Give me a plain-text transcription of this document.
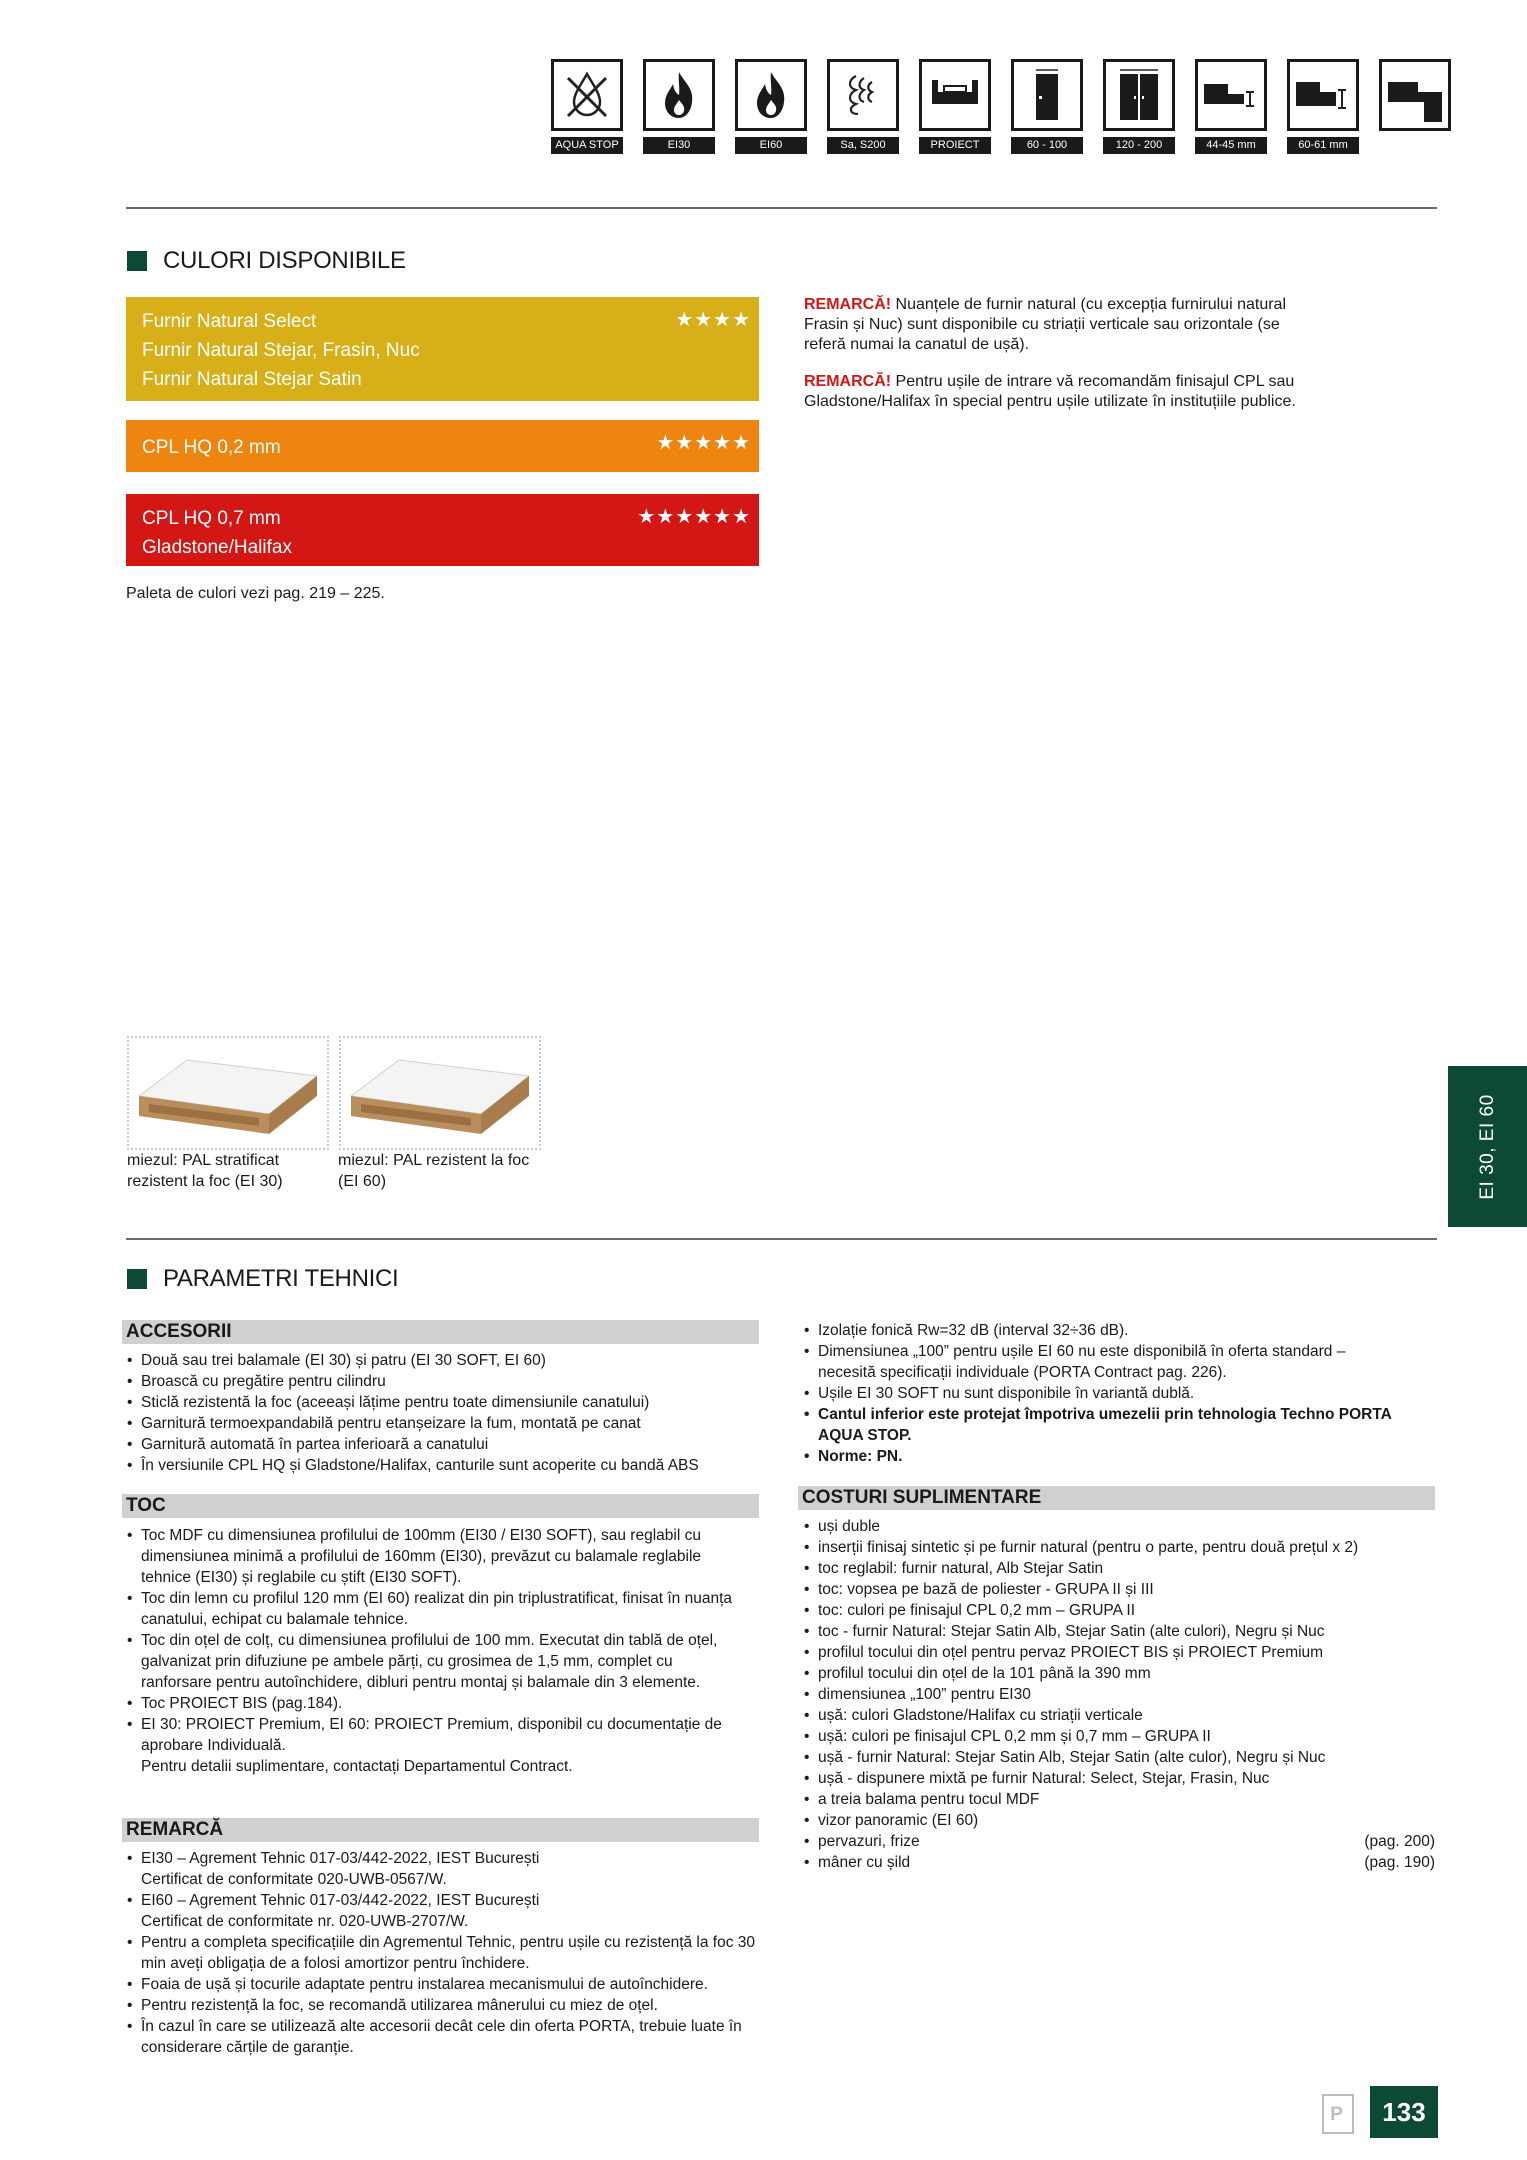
AQUA STOP	EI30	EI60	Sa, S200	PROIECT	60 - 100	120 - 200	44-45 mm	60-61 mm
CULORI DISPONIBILE
Furnir Natural Select
Furnir Natural Stejar, Frasin, Nuc
Furnir Natural Stejar Satin
★★★★
CPL HQ 0,2 mm	★★★★★
CPL HQ 0,7 mm
Gladstone/Halifax
★★★★★★
Paleta de culori vezi pag. 219 – 225.
REMARCĂ! Nuanțele de furnir natural (cu excepția furnirului natural Frasin și Nuc) sunt disponibile cu striații verticale sau orizontale (se referă numai la canatul de ușă).
REMARCĂ! Pentru ușile de intrare vă recomandăm finisajul CPL sau Gladstone/Halifax în special pentru ușile utilizate în instituțiile publice.
miezul: PAL stratificat rezistent la foc (EI 30)
miezul: PAL rezistent la foc (EI 60)	EI 30, EI 60
PARAMETRI TEHNICI
ACCESORII
• Două sau trei balamale (EI 30) și patru (EI 30 SOFT, EI 60)
• Broască cu pregătire pentru cilindru
• Sticlă rezistentă la foc (aceeași lățime pentru toate dimensiunile canatului)
• Garnitură termoexpandabilă pentru etanșeizare la fum, montată pe canat
• Garnitură automată în partea inferioară a canatului
• În versiunile CPL HQ și Gladstone/Halifax, canturile sunt acoperite cu bandă ABS
TOC
• Toc MDF cu dimensiunea profilului de 100mm (EI30 / EI30 SOFT), sau reglabil cu dimensiunea minimă a profilului de 160mm (EI30), prevăzut cu balamale reglabile tehnice (EI30) și reglabile cu știft (EI30 SOFT).
• Toc din lemn cu profilul 120 mm (EI 60) realizat din pin triplustratificat, finisat în nuanța canatului, echipat cu balamale tehnice.
• Toc din oțel de colț, cu dimensiunea profilului de 100 mm. Executat din tablă de oțel, galvanizat prin difuziune pe ambele părți, cu grosimea de 1,5 mm, complet cu ranforsare pentru autoînchidere, dibluri pentru montaj și balamale din 3 elemente.
• Toc PROIECT BIS (pag.184).
• EI 30: PROIECT Premium, EI 60: PROIECT Premium, disponibil cu documentație de aprobare Individuală.
Pentru detalii suplimentare, contactați Departamentul Contract.
REMARCĂ
• EI30 – Agrement Tehnic 017-03/442-2022, IEST București
Certificat de conformitate 020-UWB-0567/W.
• EI60 – Agrement Tehnic 017-03/442-2022, IEST București
Certificat de conformitate nr. 020-UWB-2707/W.
• Pentru a completa specificațiile din Agrementul Tehnic, pentru ușile cu rezistență la foc 30 min aveți obligația de a folosi amortizor pentru închidere.
• Foaia de ușă și tocurile adaptate pentru instalarea mecanismului de autoînchidere.
• Pentru rezistență la foc, se recomandă utilizarea mânerului cu miez de oțel.
• În cazul în care se utilizează alte accesorii decât cele din oferta PORTA, trebuie luate în considerare cărțile de garanție.
• Izolație fonică Rw=32 dB (interval 32÷36 dB).
• Dimensiunea „100” pentru ușile EI 60 nu este disponibilă în oferta standard – necesită specificații individuale (PORTA Contract pag. 226).
• Ușile EI 30 SOFT nu sunt disponibile în variantă dublă.
• Cantul inferior este protejat împotriva umezelii prin tehnologia Techno PORTA AQUA STOP.
• Norme: PN.
COSTURI SUPLIMENTARE
• uși duble
• inserții finisaj sintetic și pe furnir natural (pentru o parte, pentru două prețul x 2)
• toc reglabil: furnir natural, Alb Stejar Satin
• toc: vopsea pe bază de poliester - GRUPA II și III
• toc: culori pe finisajul CPL 0,2 mm – GRUPA II
• toc - furnir Natural: Stejar Satin Alb, Stejar Satin (alte culori), Negru și Nuc
• profilul tocului din oțel pentru pervaz PROIECT BIS și PROIECT Premium
• profilul tocului din oțel de la 101 până la 390 mm
• dimensiunea „100” pentru EI30
• ușă: culori Gladstone/Halifax cu striații verticale
• ușă: culori pe finisajul CPL 0,2 mm și 0,7 mm – GRUPA II
• ușă - furnir Natural: Stejar Satin Alb, Stejar Satin (alte culor), Negru și Nuc
• ușă - dispunere mixtă pe furnir Natural: Select, Stejar, Frasin, Nuc
• a treia balama pentru tocul MDF
• vizor panoramic (EI 60)
• pervazuri, frize	(pag. 200)
• mâner cu șild	(pag. 190)
P	133
